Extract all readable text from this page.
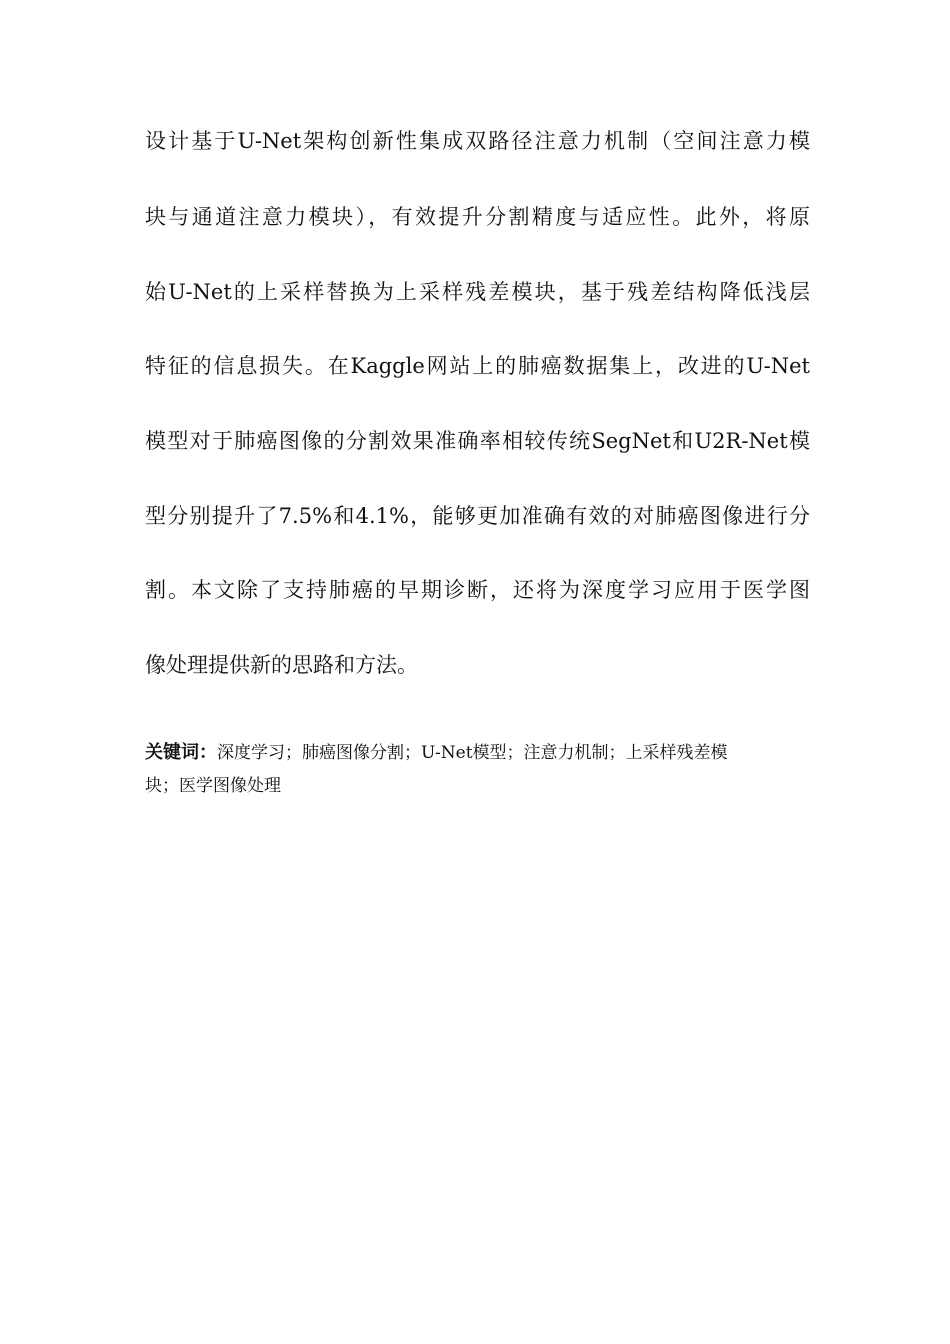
设计基于U-Net架构创新性集成双路径注意力机制（空间注意力模
块与通道注意力模块），有效提升分割精度与适应性。此外，将原
始U-Net的上采样替换为上采样残差模块，基于残差结构降低浅层
特征的信息损失。在Kaggle网站上的肺癌数据集上，改进的U-Net
模型对于肺癌图像的分割效果准确率相较传统SegNet和U2R-Net模
型分别提升了7.5%和4.1%，能够更加准确有效的对肺癌图像进行分
割。本文除了支持肺癌的早期诊断，还将为深度学习应用于医学图
像处理提供新的思路和方法。
关键词：深度学习；肺癌图像分割；U-Net模型；注意力机制；上采样残差模
块；医学图像处理
